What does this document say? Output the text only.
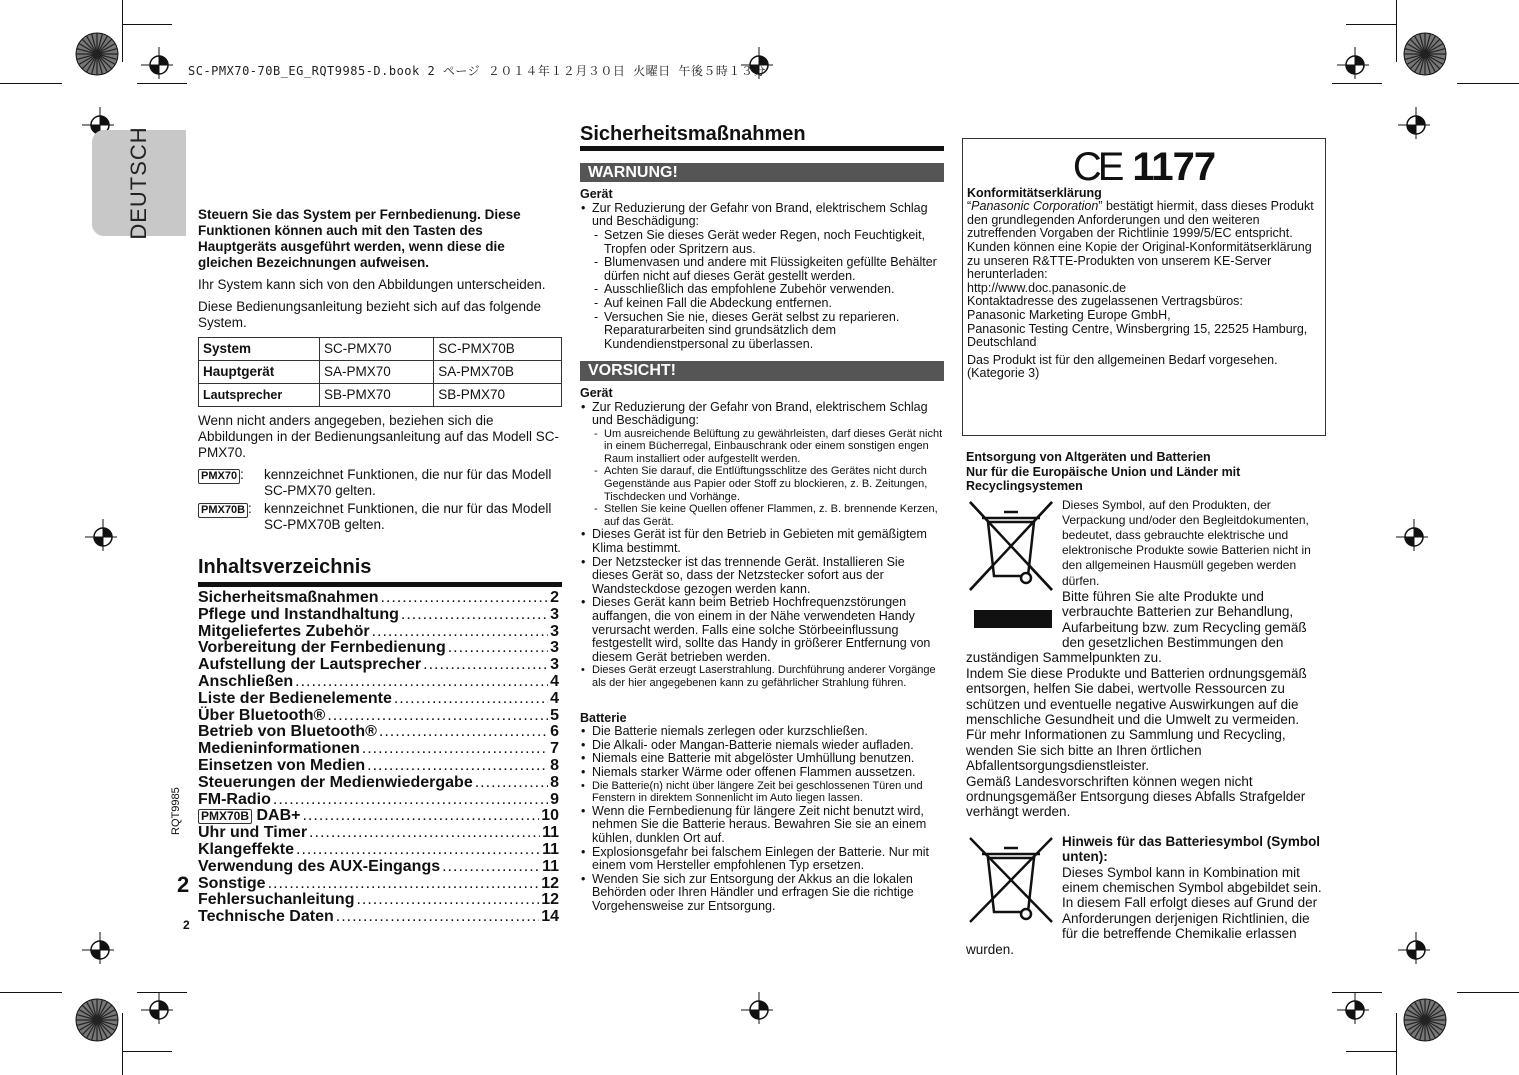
SC-PMX70-70B_EG_RQT9985-D.book 2 ページ ２０１４年１２月３０日 火曜日 午後５時１３分
DEUTSCH	Steuern Sie das System per Fernbedienung. Diese Funktionen können auch mit den Tasten des Hauptgeräts ausgeführt werden, wenn diese die gleichen Bezeichnungen aufweisen.

Ihr System kann sich von den Abbildungen unterscheiden.

Diese Bedienungsanleitung bezieht sich auf das folgende System.

System	SC-PMX70	SC-PMX70B
Hauptgerät	SA-PMX70	SA-PMX70B
Lautsprecher	SB-PMX70	SB-PMX70

Wenn nicht anders angegeben, beziehen sich die Abbildungen in der Bedienungsanleitung auf das Modell SC-PMX70.

PMX70 :	kennzeichnet Funktionen, die nur für das Modell SC-PMX70 gelten.
PMX70B : kennzeichnet Funktionen, die nur für das Modell SC-PMX70B gelten.
Inhaltsverzeichnis
Sicherheitsmaßnahmen .....	2
Pflege und Instandhaltung .....	3
Mitgeliefertes Zubehör .....	3
Vorbereitung der Fernbedienung .....	3
Aufstellung der Lautsprecher .....	3
Anschließen .....	4
Liste der Bedienelemente .....	4
Über Bluetooth® .....	5
Betrieb von Bluetooth® .....	6
Medieninformationen .....	7
Einsetzen von Medien .....	8
Steuerungen der Medienwiedergabe .....	8
FM-Radio .....	9
PMX70B DAB+ .....	10
Uhr und Timer .....	11
Klangeffekte .....	11
Verwendung des AUX-Eingangs .....	11
Sonstige .....	12
Fehlersuchanleitung .....	12
Technische Daten .....	14
RQT9985
2
2
Sicherheitsmaßnahmen
WARNUNG!
Gerät
• Zur Reduzierung der Gefahr von Brand, elektrischem Schlag und Beschädigung:
- Setzen Sie dieses Gerät weder Regen, noch Feuchtigkeit, Tropfen oder Spritzern aus.
- Blumenvasen und andere mit Flüssigkeiten gefüllte Behälter dürfen nicht auf dieses Gerät gestellt werden.
- Ausschließlich das empfohlene Zubehör verwenden.
- Auf keinen Fall die Abdeckung entfernen.
- Versuchen Sie nie, dieses Gerät selbst zu reparieren. Reparaturarbeiten sind grundsätzlich dem Kundendienstpersonal zu überlassen.
VORSICHT!
Gerät
• Zur Reduzierung der Gefahr von Brand, elektrischem Schlag und Beschädigung:
- Um ausreichende Belüftung zu gewährleisten, darf dieses Gerät nicht in einem Bücherregal, Einbauschrank oder einem sonstigen engen Raum installiert oder aufgestellt werden.
- Achten Sie darauf, die Entlüftungsschlitze des Gerätes nicht durch Gegenstände aus Papier oder Stoff zu blockieren, z. B. Zeitungen, Tischdecken und Vorhänge.
- Stellen Sie keine Quellen offener Flammen, z. B. brennende Kerzen, auf das Gerät.
• Dieses Gerät ist für den Betrieb in Gebieten mit gemäßigtem Klima bestimmt.
• Der Netzstecker ist das trennende Gerät. Installieren Sie dieses Gerät so, dass der Netzstecker sofort aus der Wandsteckdose gezogen werden kann.
• Dieses Gerät kann beim Betrieb Hochfrequenzstörungen auffangen, die von einem in der Nähe verwendeten Handy verursacht werden. Falls eine solche Störbeeinflussung festgestellt wird, sollte das Handy in größerer Entfernung von diesem Gerät betrieben werden.
• Dieses Gerät erzeugt Laserstrahlung. Durchführung anderer Vorgänge als der hier angegebenen kann zu gefährlicher Strahlung führen.
Batterie
• Die Batterie niemals zerlegen oder kurzschließen.
• Die Alkali- oder Mangan-Batterie niemals wieder aufladen.
• Niemals eine Batterie mit abgelöster Umhüllung benutzen.
• Niemals starker Wärme oder offenen Flammen aussetzen.
• Die Batterie(n) nicht über längere Zeit bei geschlossenen Türen und Fenstern in direktem Sonnenlicht im Auto liegen lassen.
• Wenn die Fernbedienung für längere Zeit nicht benutzt wird, nehmen Sie die Batterie heraus. Bewahren Sie sie an einem kühlen, dunklen Ort auf.
• Explosionsgefahr bei falschem Einlegen der Batterie. Nur mit einem vom Hersteller empfohlenen Typ ersetzen.
• Wenden Sie sich zur Entsorgung der Akkus an die lokalen Behörden oder Ihren Händler und erfragen Sie die richtige Vorgehensweise zur Entsorgung.
CE 1177
Konformitätserklärung
“Panasonic Corporation” bestätigt hiermit, dass dieses Produkt den grundlegenden Anforderungen und den weiteren zutreffenden Vorgaben der Richtlinie 1999/5/EC entspricht.
Kunden können eine Kopie der Original-Konformitätserklärung zu unseren R&TTE-Produkten von unserem KE-Server herunterladen:
http://www.doc.panasonic.de
Kontaktadresse des zugelassenen Vertragsbüros:
Panasonic Marketing Europe GmbH,
Panasonic Testing Centre, Winsbergring 15, 22525 Hamburg, Deutschland
Das Produkt ist für den allgemeinen Bedarf vorgesehen. (Kategorie 3)
Entsorgung von Altgeräten und Batterien
Nur für die Europäische Union und Länder mit Recyclingsystemen
Dieses Symbol, auf den Produkten, der Verpackung und/oder den Begleitdokumenten, bedeutet, dass gebrauchte elektrische und elektronische Produkte sowie Batterien nicht in den allgemeinen Hausmüll gegeben werden dürfen.
Bitte führen Sie alte Produkte und verbrauchte Batterien zur Behandlung, Aufarbeitung bzw. zum Recycling gemäß den gesetzlichen Bestimmungen den zuständigen Sammelpunkten zu.
Indem Sie diese Produkte und Batterien ordnungsgemäß entsorgen, helfen Sie dabei, wertvolle Ressourcen zu schützen und eventuelle negative Auswirkungen auf die menschliche Gesundheit und die Umwelt zu vermeiden.
Für mehr Informationen zu Sammlung und Recycling, wenden Sie sich bitte an Ihren örtlichen Abfallentsorgungsdienstleister.
Gemäß Landesvorschriften können wegen nicht ordnungsgemäßer Entsorgung dieses Abfalls Strafgelder verhängt werden.
Hinweis für das Batteriesymbol (Symbol unten):
Dieses Symbol kann in Kombination mit einem chemischen Symbol abgebildet sein. In diesem Fall erfolgt dieses auf Grund der Anforderungen derjenigen Richtlinien, die für die betreffende Chemikalie erlassen wurden.
